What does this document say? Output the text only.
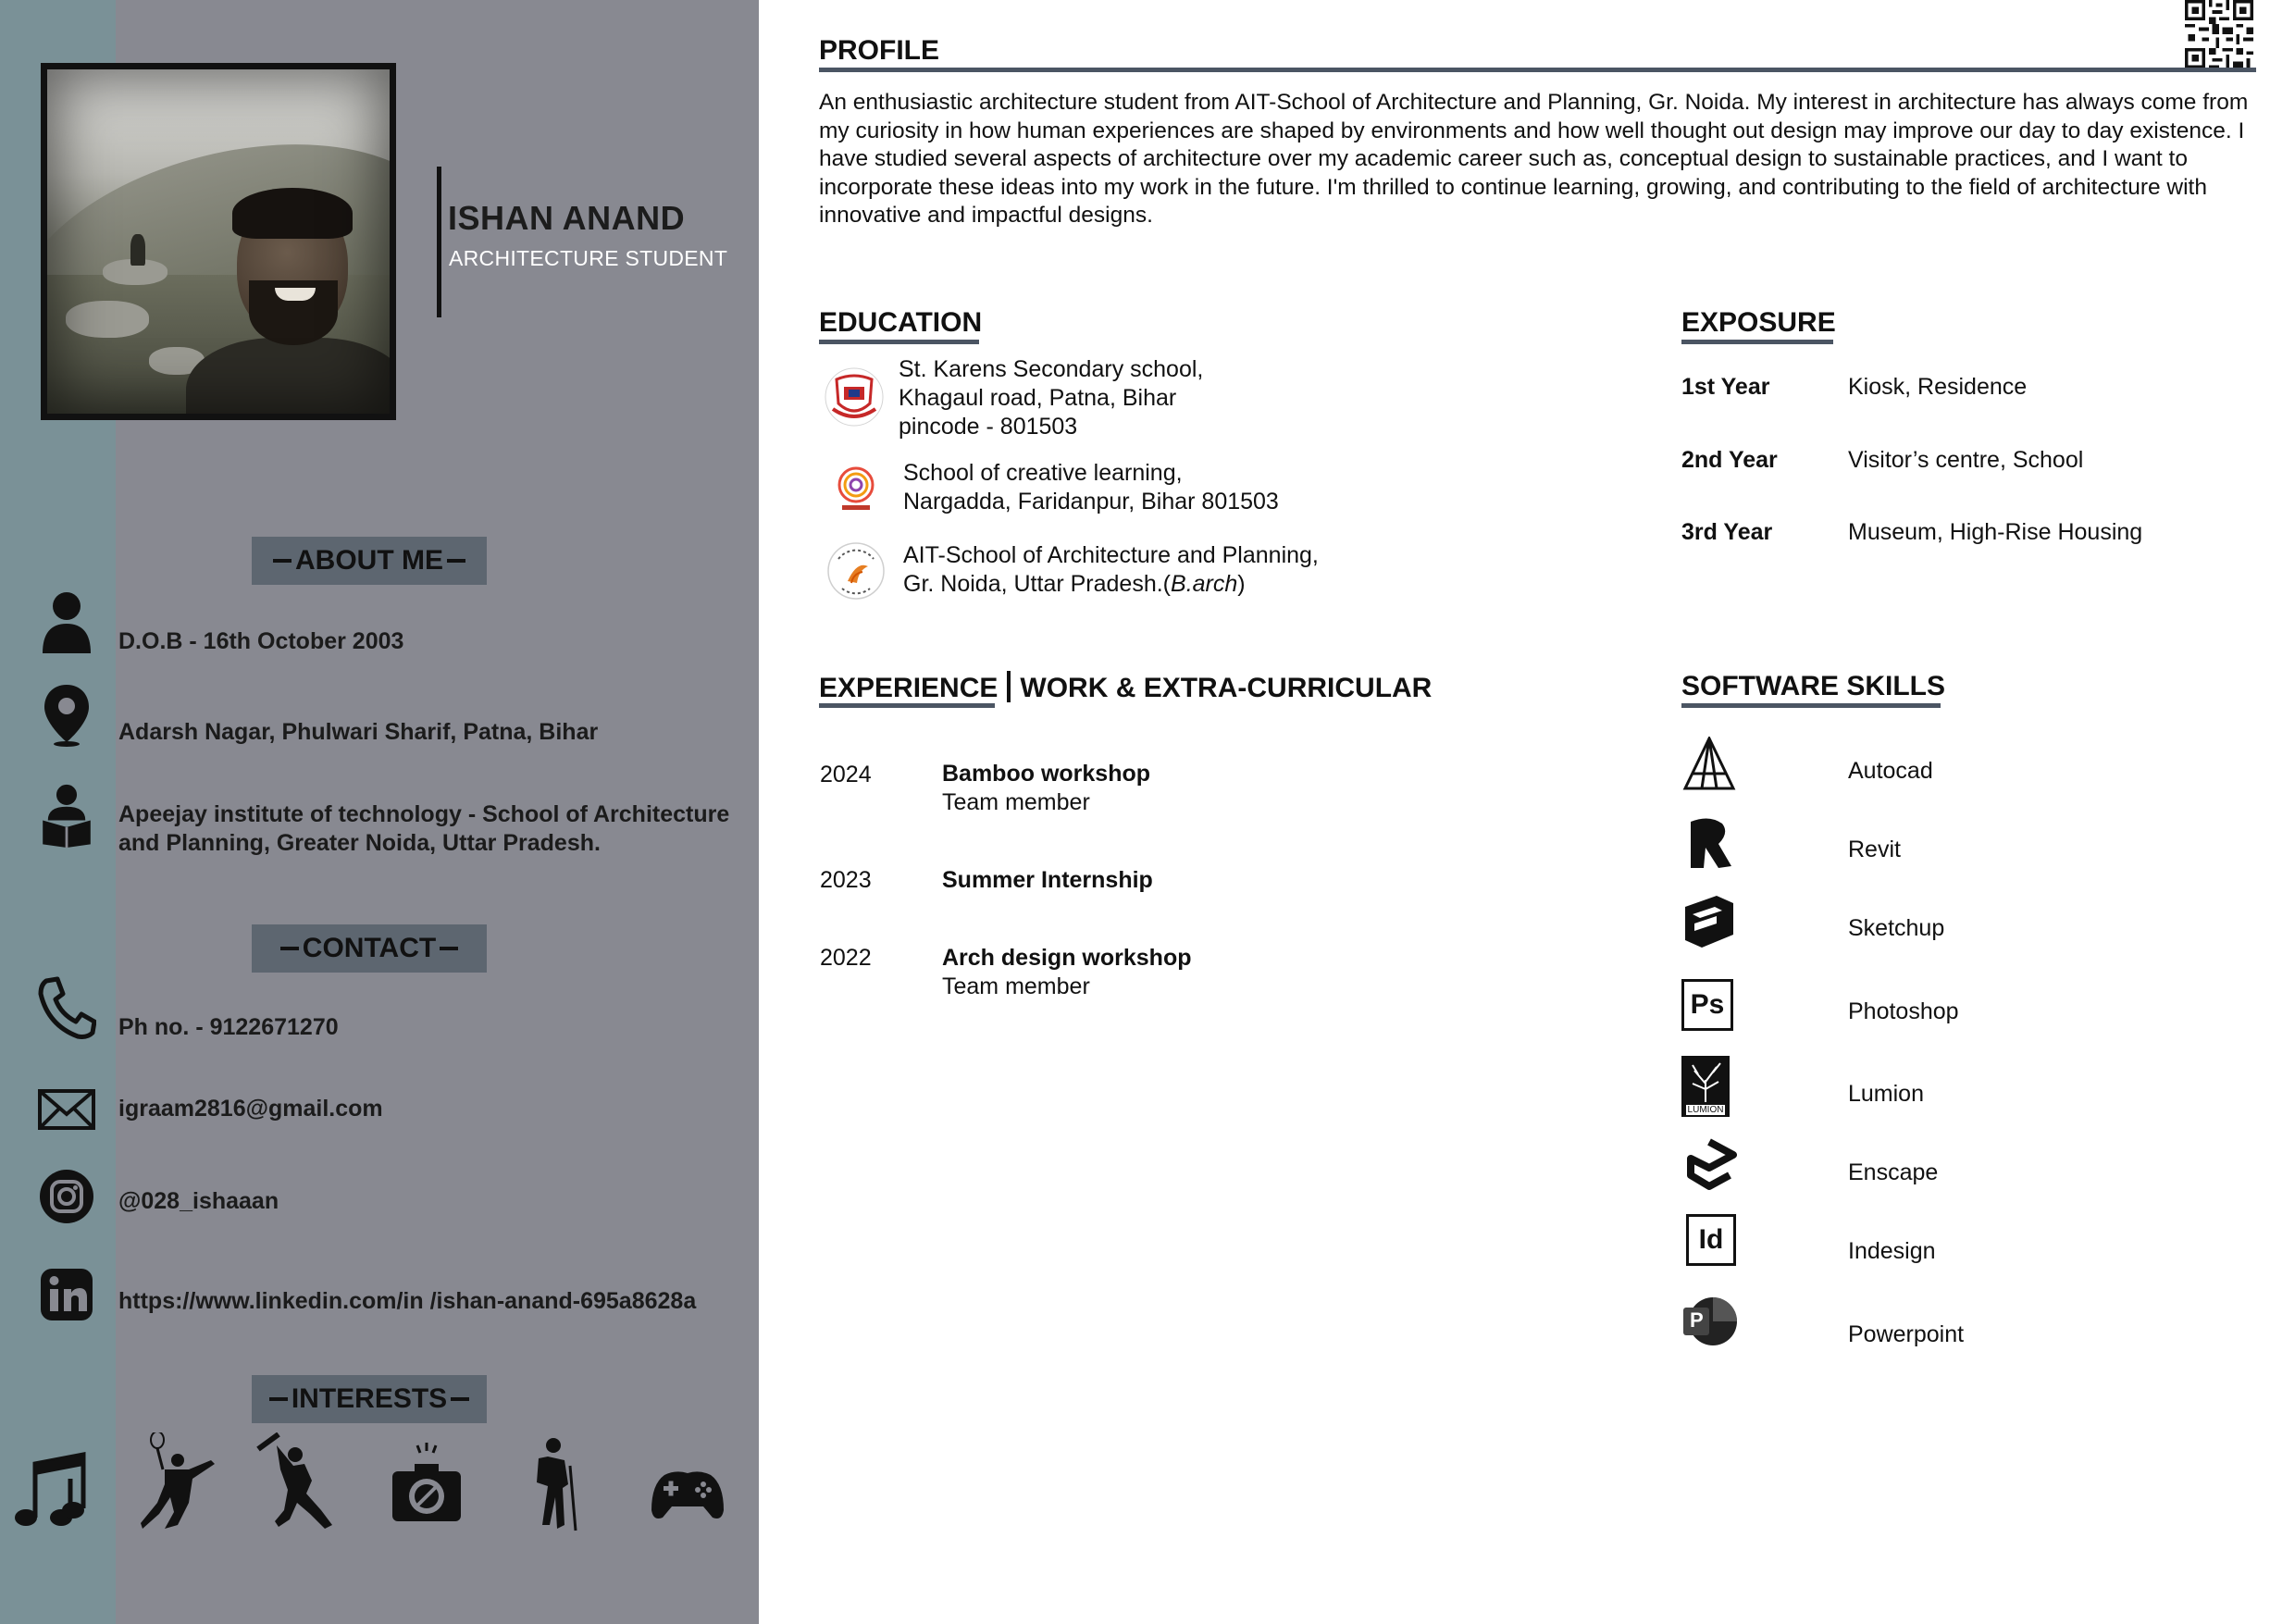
ISHAN ANAND
ARCHITECTURE STUDENT
ABOUT ME
D.O.B - 16th October 2003
Adarsh Nagar, Phulwari Sharif, Patna, Bihar
Apeejay institute of technology - School of Architecture
and Planning, Greater Noida, Uttar Pradesh.
CONTACT
Ph no. - 9122671270
igraam2816@gmail.com
@028_ishaaan
https://www.linkedin.com/in /ishan-anand-695a8628a
INTERESTS
PROFILE
An enthusiastic architecture student from AIT-School of Architecture and Planning, Gr. Noida. My interest in architecture has always come from my curiosity in how human experiences are shaped by environments and how well thought out design may improve our day to day existence. I have studied several aspects of architecture over my academic career such as, conceptual design to sustainable practices, and I want to incorporate these ideas into my work in the future. I'm thrilled to continue learning, growing, and contributing to the field of architecture with innovative and impactful designs.
EDUCATION
St. Karens Secondary school,
Khagaul road, Patna, Bihar
pincode - 801503
School of creative learning,
Nargadda, Faridanpur, Bihar 801503
AIT-School of Architecture and Planning,
Gr. Noida, Uttar Pradesh.(B.arch)
EXPOSURE
1st Year	Kiosk, Residence
2nd Year	Visitor’s centre, School
3rd Year	Museum, High-Rise Housing
EXPERIENCE WORK & EXTRA-CURRICULAR
2024	Bamboo workshop
Team member
2023	Summer Internship
2022	Arch design workshop
Team member
SOFTWARE SKILLS
Autocad
Revit
Sketchup
Ps	Photoshop
LUMION
Lumion
Enscape
Id	Indesign
P
Powerpoint
